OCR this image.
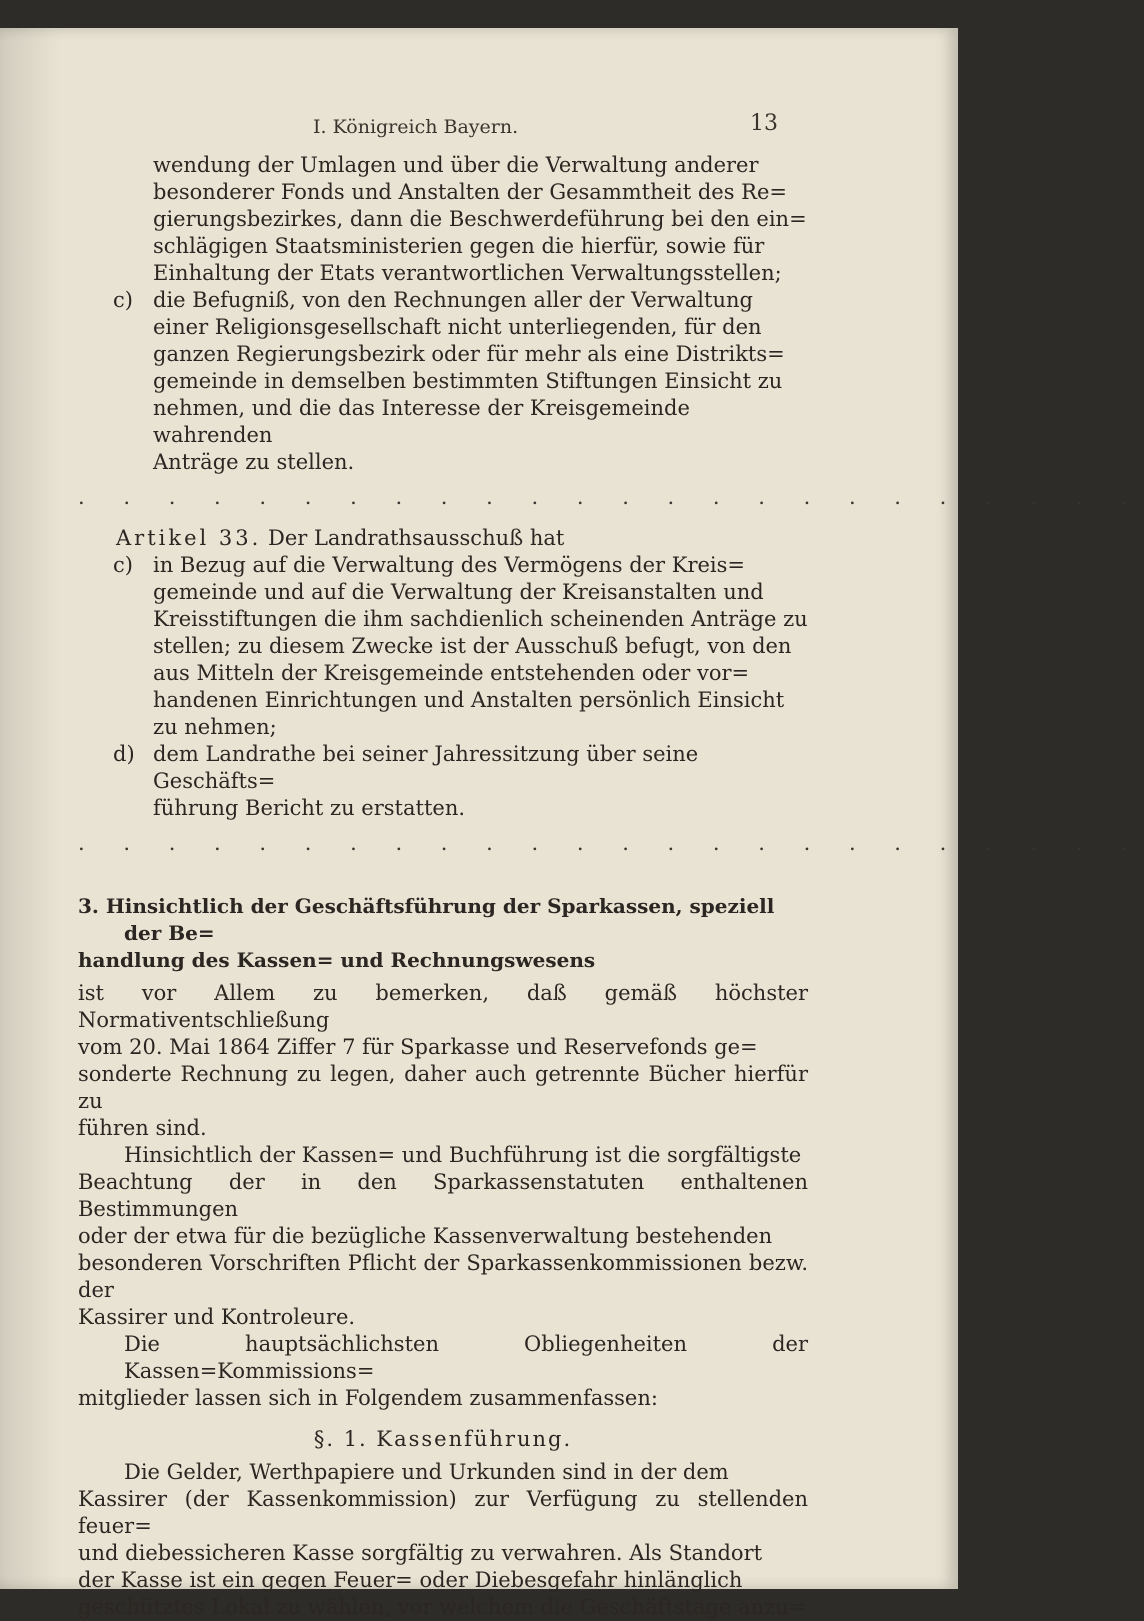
I. Königreich Bayern.	13
wendung der Umlagen und über die Verwaltung anderer
besonderer Fonds und Anstalten der Gesammtheit des Re=
gierungsbezirkes, dann die Beschwerdeführung bei den ein=
schlägigen Staatsministerien gegen die hierfür, sowie für
Einhaltung der Etats verantwortlichen Verwaltungsstellen;
c) die Befugniß, von den Rechnungen aller der Verwaltung
einer Religionsgesellschaft nicht unterliegenden, für den
ganzen Regierungsbezirk oder für mehr als eine Distrikts=
gemeinde in demselben bestimmten Stiftungen Einsicht zu
nehmen, und die das Interesse der Kreisgemeinde wahrenden
Anträge zu stellen.
. . . . . . . . . . . . . . . . . . . . . . . .
Artikel 33. Der Landrathsausschuß hat
c) in Bezug auf die Verwaltung des Vermögens der Kreis=
gemeinde und auf die Verwaltung der Kreisanstalten und
Kreisstiftungen die ihm sachdienlich scheinenden Anträge zu
stellen; zu diesem Zwecke ist der Ausschuß befugt, von den
aus Mitteln der Kreisgemeinde entstehenden oder vor=
handenen Einrichtungen und Anstalten persönlich Einsicht
zu nehmen;
d) dem Landrathe bei seiner Jahressitzung über seine Geschäfts=
führung Bericht zu erstatten.
. . . . . . . . . . . . . . . . . . . . . . . .
3. Hinsichtlich der Geschäftsführung der Sparkassen, speziell der Be=
handlung des Kassen= und Rechnungswesens
ist vor Allem zu bemerken, daß gemäß höchster Normativentschließung
vom 20. Mai 1864 Ziffer 7 für Sparkasse und Reservefonds ge=
sonderte Rechnung zu legen, daher auch getrennte Bücher hierfür zu
führen sind.
Hinsichtlich der Kassen= und Buchführung ist die sorgfältigste
Beachtung der in den Sparkassenstatuten enthaltenen Bestimmungen
oder der etwa für die bezügliche Kassenverwaltung bestehenden
besonderen Vorschriften Pflicht der Sparkassenkommissionen bezw. der
Kassirer und Kontroleure.
Die hauptsächlichsten Obliegenheiten der Kassen=Kommissions=
mitglieder lassen sich in Folgendem zusammenfassen:
§. 1. Kassenführung.
Die Gelder, Werthpapiere und Urkunden sind in der dem
Kassirer (der Kassenkommission) zur Verfügung zu stellenden feuer=
und diebessicheren Kasse sorgfältig zu verwahren. Als Standort
der Kasse ist ein gegen Feuer= oder Diebesgefahr hinlänglich
geschütztes Lokal zu wählen, vor welchem die Geschäftstage anzu=
